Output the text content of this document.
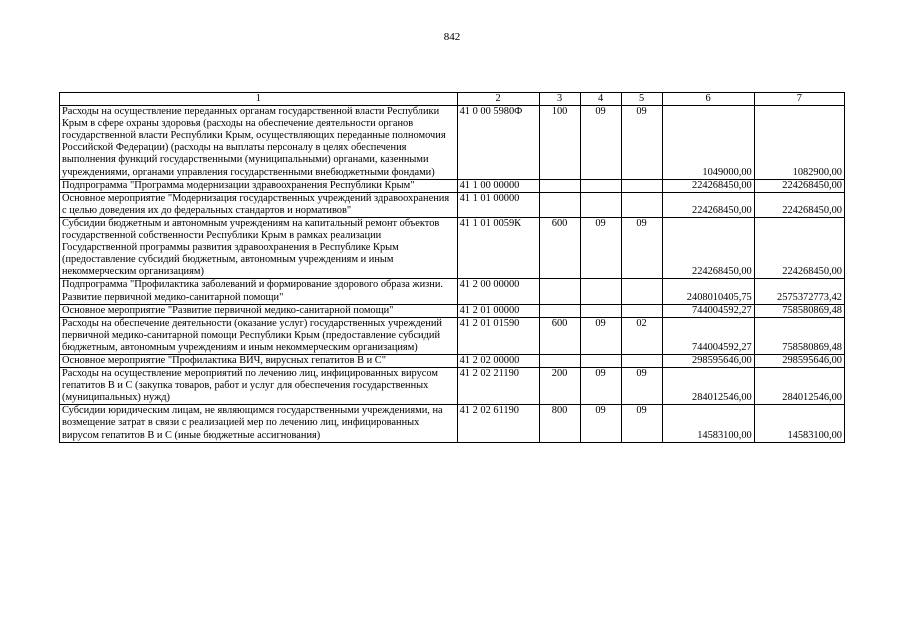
842
1	2	3	4	5	6	7
Расходы на осуществление переданных органам государственной власти Республики Крым в сфере охраны здоровья (расходы на обеспечение деятельности органов государственной власти Республики Крым, осуществляющих переданные полномочия Российской Федерации) (расходы на выплаты персоналу в целях обеспечения выполнения функций государственными (муниципальными) органами, казенными учреждениями, органами управления государственными внебюджетными фондами)	41 0 00 5980Ф	100	09	09	1049000,00	1082900,00
Подпрограмма "Программа модернизации здравоохранения Республики Крым"	41 1 00 00000				224268450,00	224268450,00
Основное мероприятие "Модернизация государственных учреждений здравоохранения с целью доведения их до федеральных стандартов и нормативов"	41 1 01 00000				224268450,00	224268450,00
Субсидии бюджетным и автономным учреждениям на капитальный ремонт объектов государственной собственности Республики Крым в рамках реализации Государственной программы развития здравоохранения в Республике Крым (предоставление субсидий бюджетным, автономным учреждениям и иным некоммерческим организациям)	41 1 01 0059К	600	09	09	224268450,00	224268450,00
Подпрограмма "Профилактика заболеваний и формирование здорового образа жизни. Развитие первичной медико-санитарной помощи"	41 2 00 00000				2408010405,75	2575372773,42
Основное мероприятие "Развитие первичной медико-санитарной помощи"	41 2 01 00000				744004592,27	758580869,48
Расходы на обеспечение деятельности (оказание услуг) государственных учреждений первичной медико-санитарной помощи Республики Крым (предоставление субсидий бюджетным, автономным учреждениям и иным некоммерческим организациям)	41 2 01 01590	600	09	02	744004592,27	758580869,48
Основное мероприятие "Профилактика ВИЧ, вирусных гепатитов В и С"	41 2 02 00000				298595646,00	298595646,00
Расходы на осуществление мероприятий по лечению лиц, инфицированных вирусом гепатитов В и С (закупка товаров, работ и услуг для обеспечения государственных (муниципальных) нужд)	41 2 02 21190	200	09	09	284012546,00	284012546,00
Субсидии юридическим лицам, не являющимся государственными учреждениями, на возмещение затрат в связи с реализацией мер по лечению лиц, инфицированных вирусом гепатитов В и С (иные бюджетные ассигнования)	41 2 02 61190	800	09	09	14583100,00	14583100,00
